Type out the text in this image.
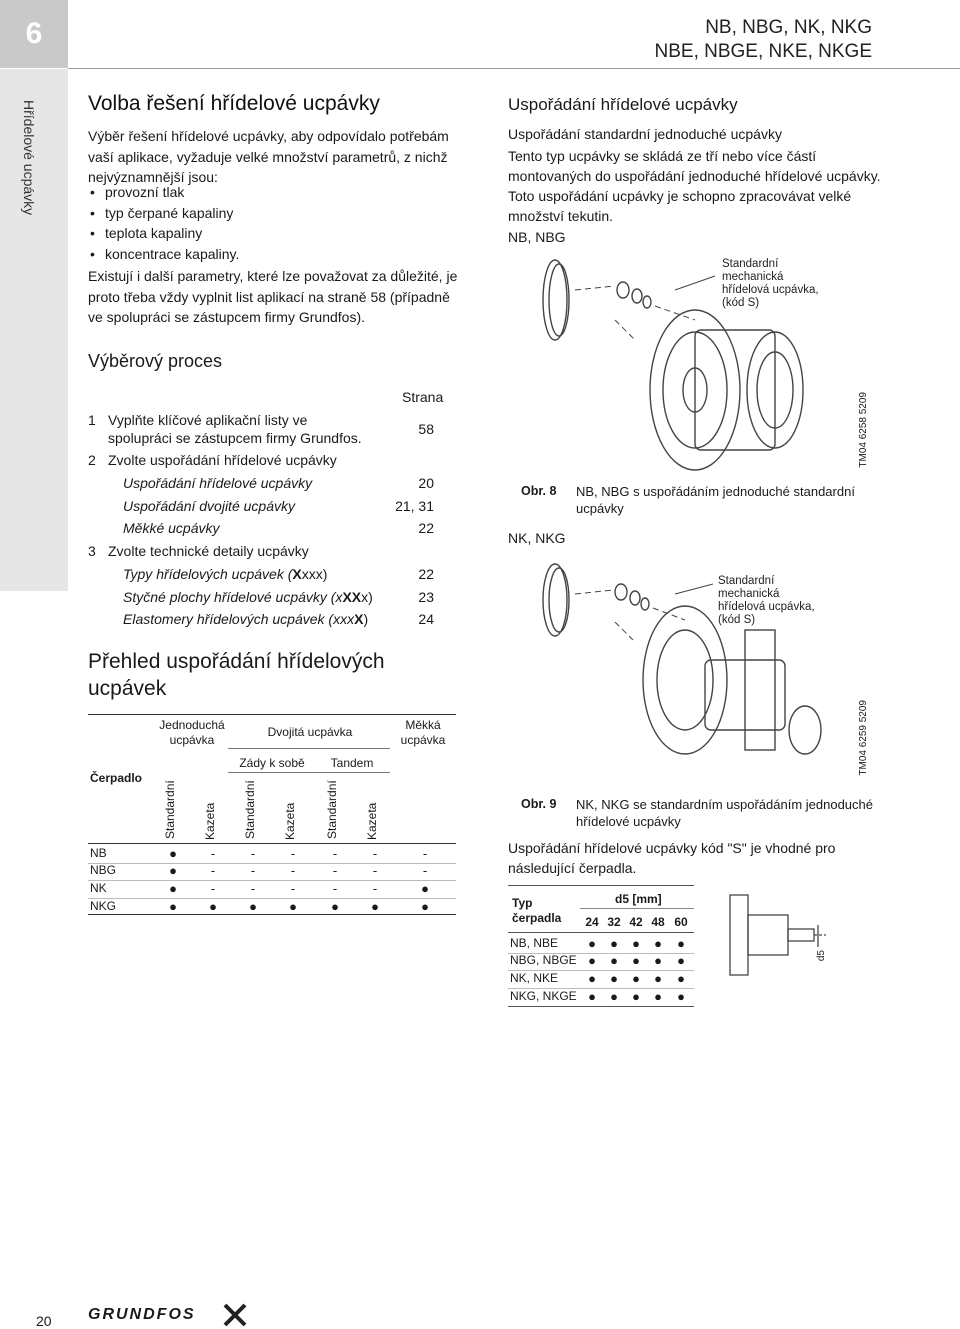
6	NB, NBG, NK, NKG
NBE, NBGE, NKE, NKGE
Hřídelové ucpávky Volba řešení hřídelové ucpávky

Výběr řešení hřídelové ucpávky, aby odpovídalo potřebám vaší aplikace, vyžaduje velké množství parametrů, z nichž nejvýznamnější jsou:

• provozní tlak
• typ čerpané kapaliny
• teplota kapaliny
• koncentrace kapaliny.

Existují i další parametry, které lze považovat za důležité, je proto třeba vždy vyplnit list aplikací na straně 58 (případně ve spolupráci se zástupcem firmy Grundfos).

Výběrový proces
Strana
1 Vyplňte klíčové aplikační listy ve
spolupráci se zástupcem firmy Grundfos.
58
2 Zvolte uspořádání hřídelové ucpávky
Uspořádání hřídelové ucpávky	20
Uspořádání dvojité ucpávky	21, 31
Měkké ucpávky	22
3 Zvolte technické detaily ucpávky
Typy hřídelových ucpávek (Xxxx)	22
Styčné plochy hřídelové ucpávky (xXXx)	23
Elastomery hřídelových ucpávek (xxxX)	24
Přehled uspořádání hřídelových ucpávek
Jednoduchá ucpávka
Dvojitá ucpávka	Měkká ucpávka
Zády k sobě	Tandem
Čerpadlo
Standardní Kazeta Standardní Kazeta Standardní Kazeta
NB	●	-	-	-	-	-	-
NBG	●	-	-	-	-	-	-
NK	●	-	-	-	-	-	●
NKG	●	●	●	●	●	●	●
Uspořádání hřídelové ucpávky
Uspořádání standardní jednoduché ucpávky

Tento typ ucpávky se skládá ze tří nebo více částí montovaných do uspořádání jednoduché hřídelové ucpávky. Toto uspořádání ucpávky je schopno zpracovávat velké množství tekutin.

NB, NBG
Standardní
mechanická
hřídelová ucpávka,
(kód S)
TM04 6258 5209
Obr. 8 NB, NBG s uspořádáním jednoduché standardní ucpávky
NK, NKG
Standardní
mechanická
hřídelová ucpávka,
(kód S)
TM04 6259 5209
Obr. 9 NK, NKG se standardním uspořádáním jednoduché hřídelové ucpávky

Uspořádání hřídelové ucpávky kód "S" je vhodné pro následující čerpadla.

Typ čerpadla
d5 [mm]
24 32 42 48 60
NB, NBE	●	●	●	●	●
NBG, NBGE ●	●	●	●	●
NK, NKE	●	●	●	●	●
NKG, NKGE ●	●	●	●	●
d5
20 GRUNDFOS
